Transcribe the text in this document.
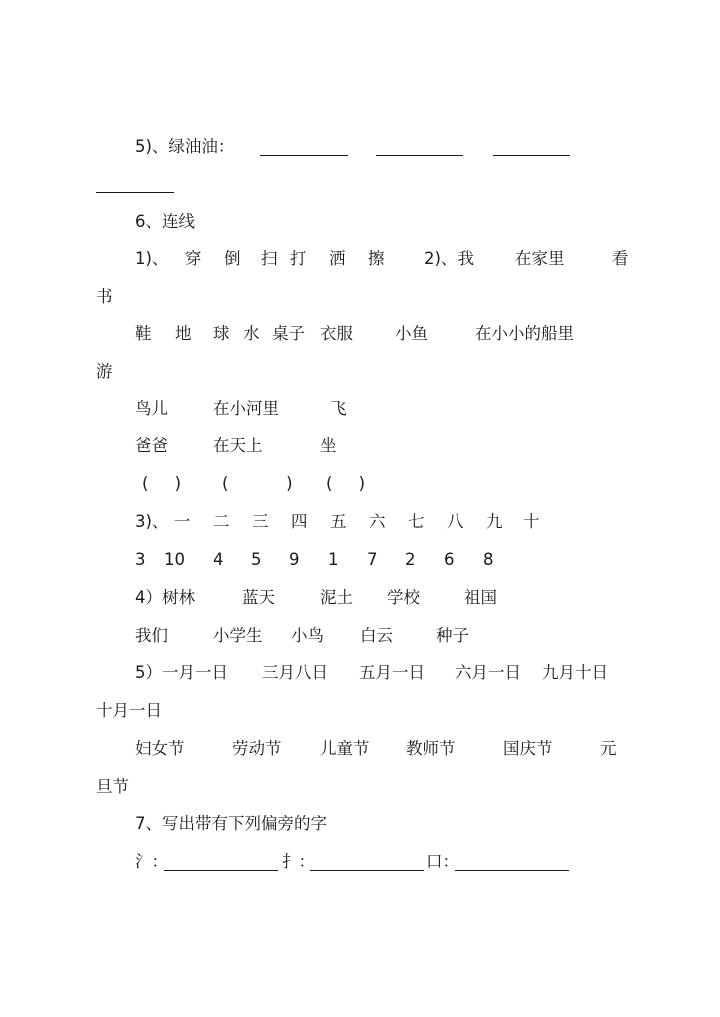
5)、绿油油：
6、连线
1)、 穿 倒 扫 打 洒 擦 2)、我 在家里	看
书
鞋 地 球 水 桌子 衣服	小鱼	在小小的船里
游
鸟儿	在小河里	飞
爸爸	在天上	坐
(     ) (           ) (     )
3)、 一 二 三 四 五 六 七 八 九 十
3 10 4 5 9 1 7 2 6 8
4）树林	蓝天	泥土 学校	祖国
我们	小学生 小鸟 白云	种子
5）一月一日 三月八日 五月一日 六月一日 九月十日
十月一日
妇女节	劳动节 儿童节 教师节	国庆节	元
旦节
7、写出带有下列偏旁的字
氵：	扌：	口：
